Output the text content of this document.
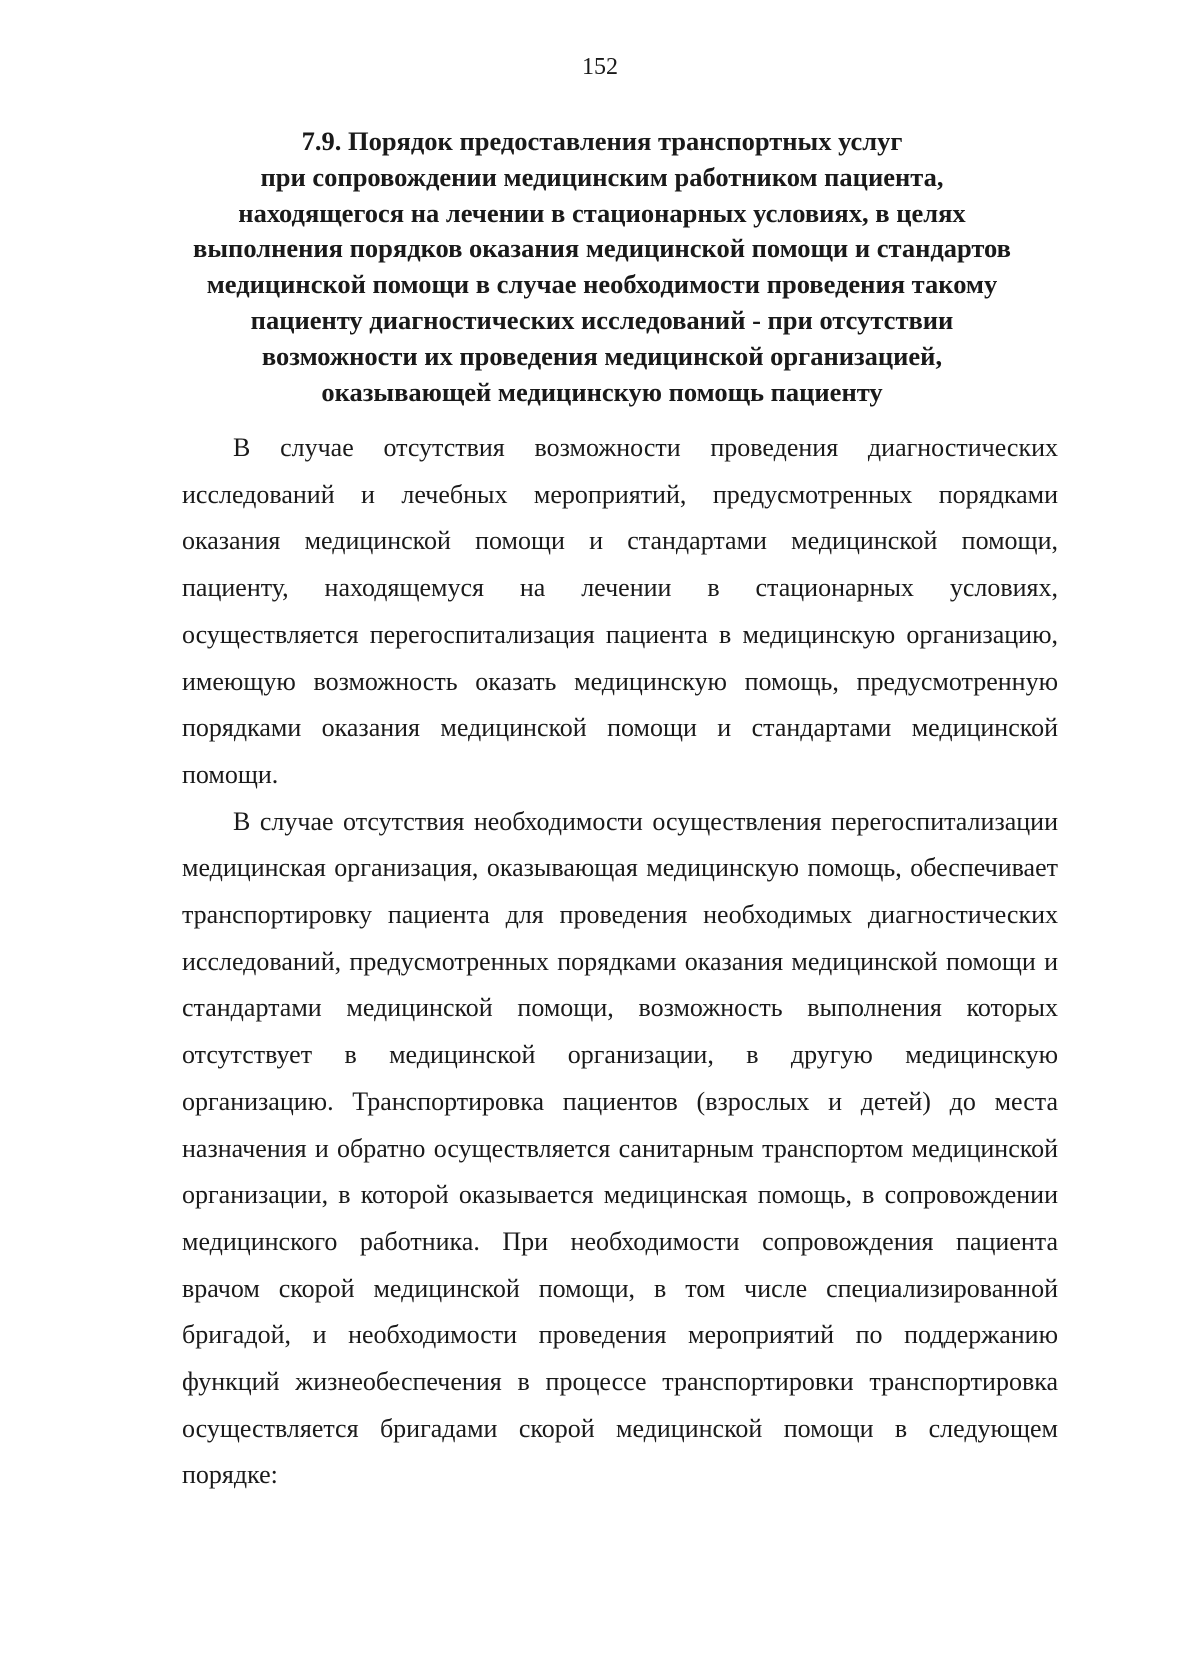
152
7.9. Порядок предоставления транспортных услуг
при сопровождении медицинским работником пациента,
находящегося на лечении в стационарных условиях, в целях
выполнения порядков оказания медицинской помощи и стандартов
медицинской помощи в случае необходимости проведения такому
пациенту диагностических исследований - при отсутствии
возможности их проведения медицинской организацией,
оказывающей медицинскую помощь пациенту

В случае отсутствия возможности проведения диагностических исследований и лечебных мероприятий, предусмотренных порядками оказания медицинской помощи и стандартами медицинской помощи, пациенту, находящемуся на лечении в стационарных условиях, осуществляется перегоспитализация пациента в медицинскую организацию, имеющую возможность оказать медицинскую помощь, предусмотренную порядками оказания медицинской помощи и стандартами медицинской помощи.

В случае отсутствия необходимости осуществления перегоспитализации медицинская организация, оказывающая медицинскую помощь, обеспечивает транспортировку пациента для проведения необходимых диагностических исследований, предусмотренных порядками оказания медицинской помощи и стандартами медицинской помощи, возможность выполнения которых отсутствует в медицинской организации, в другую медицинскую организацию. Транспортировка пациентов (взрослых и детей) до места назначения и обратно осуществляется санитарным транспортом медицинской организации, в которой оказывается медицинская помощь, в сопровождении медицинского работника. При необходимости сопровождения пациента врачом скорой медицинской помощи, в том числе специализированной бригадой, и необходимости проведения мероприятий по поддержанию функций жизнеобеспечения в процессе транспортировки транспортировка осуществляется бригадами скорой медицинской помощи в следующем порядке:
